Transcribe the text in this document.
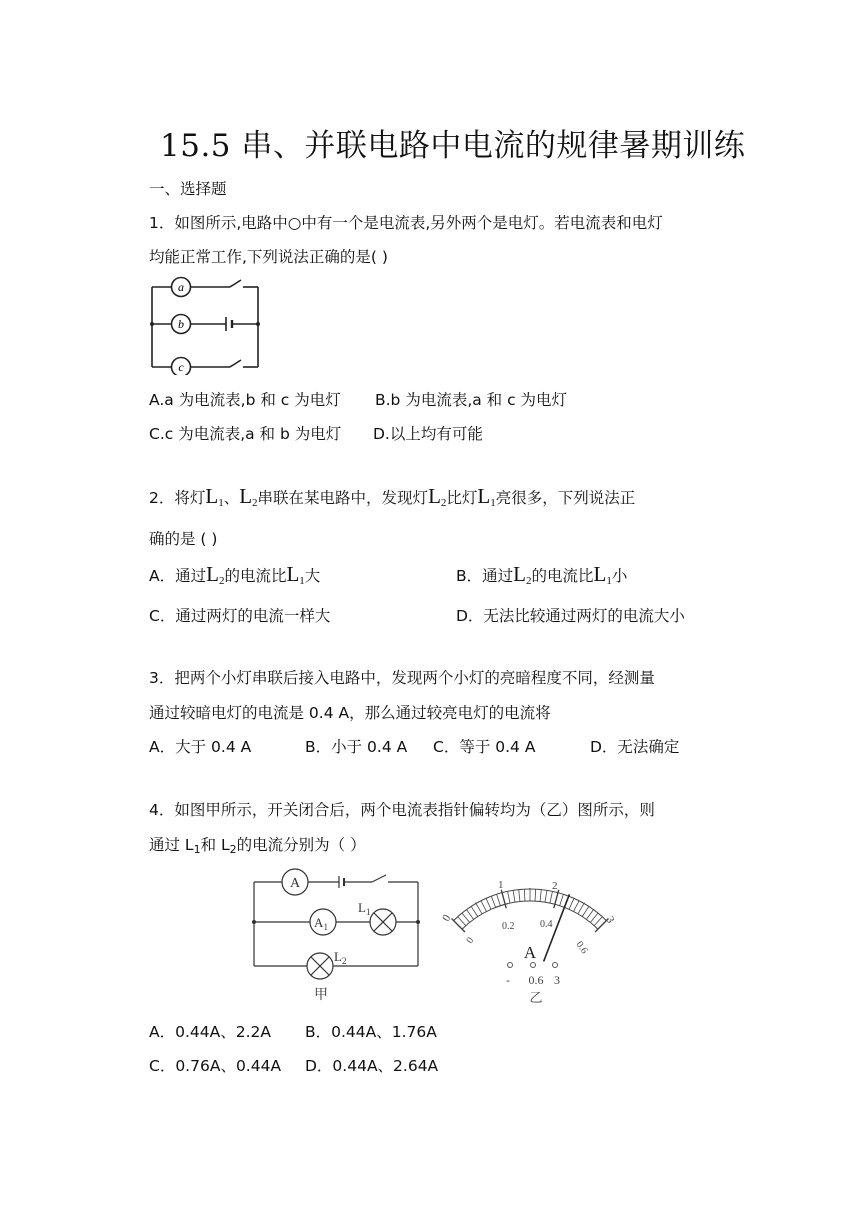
15.5 串、并联电路中电流的规律暑期训练
一、选择题
1．如图所示,电路中○中有一个是电流表,另外两个是电灯。若电流表和电灯
均能正常工作,下列说法正确的是( )
a
b
c
A.a 为电流表,b 和 c 为电灯 B.b 为电流表,a 和 c 为电灯
C.c 为电流表,a 和 b 为电灯 D.以上均有可能
2．将灯$L_1$、$L_2$串联在某电路中，发现灯$L_2$比灯$L_1$亮很多，下列说法正
确的是 ( )
A．通过$L_2$的电流比$L_1$大	B．通过$L_2$的电流比$L_1$小
C．通过两灯的电流一样大	D．无法比较通过两灯的电流大小
3．把两个小灯串联后接入电路中，发现两个小灯的亮暗程度不同，经测量
通过较暗电灯的电流是 0.4 A，那么通过较亮电灯的电流将
A．大于 0.4 A	B．小于 0.4 A C．等于 0.4 A	D．无法确定
4．如图甲所示，开关闭合后，两个电流表指针偏转均为（乙）图所示，则
通过 $L_1$和 $L_2$的电流分别为（ ）
A
$A_1$
$L_1$
$L_2$
甲
0
1	2
3
0
0.2	0.4
0.6
A
- 0.6 3
乙
A．0.44A、2.2A B．0.44A、1.76A
C．0.76A、0.44A D．0.44A、2.64A
